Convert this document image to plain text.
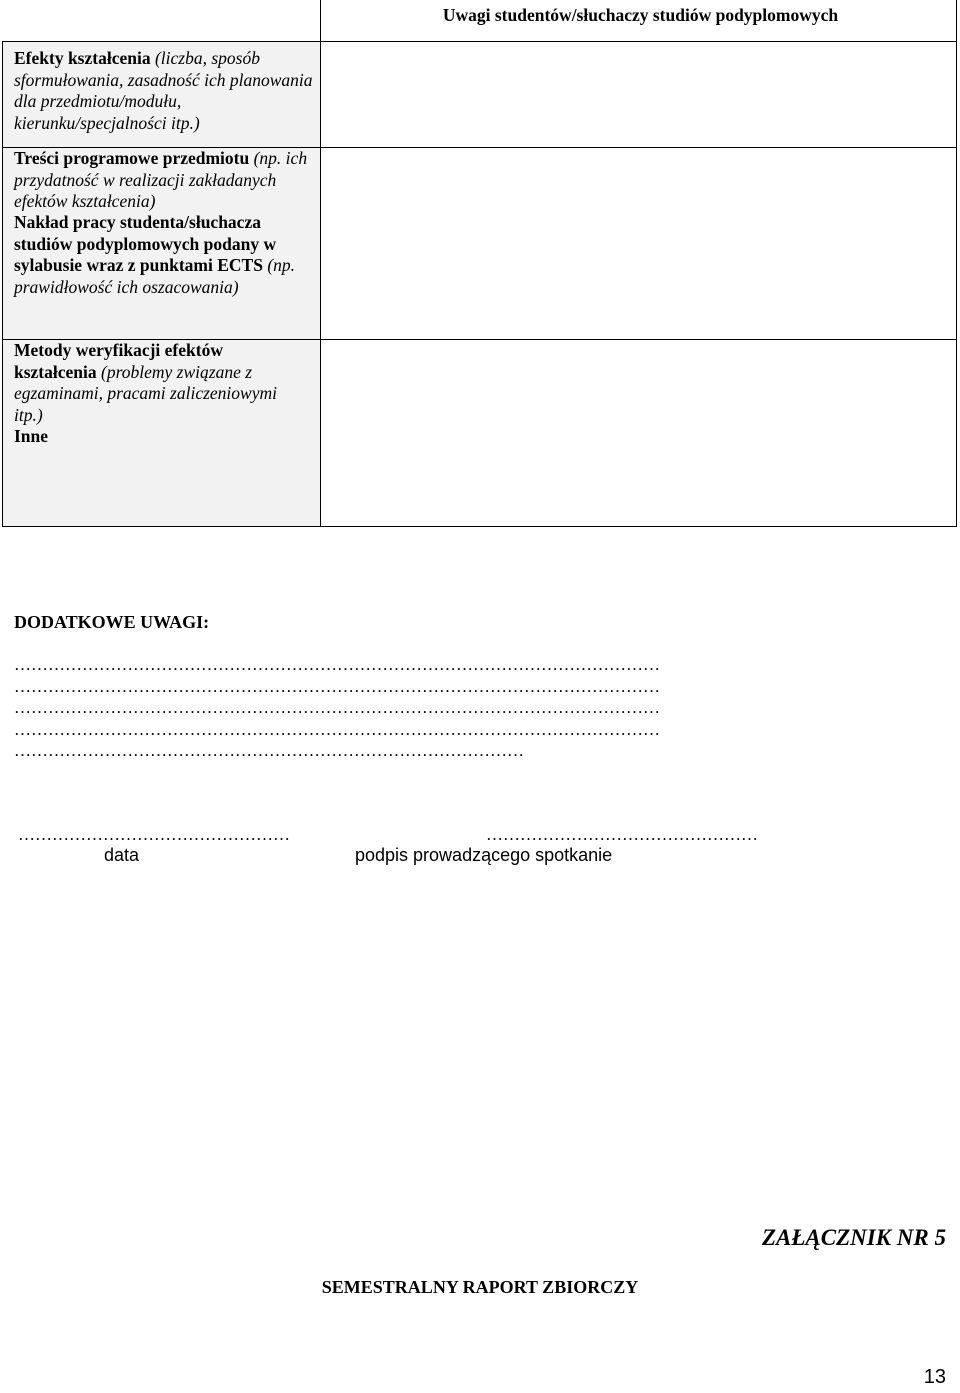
Uwagi studentów/słuchaczy studiów podyplomowych
Efekty kształcenia (liczba, sposób sformułowania, zasadność ich planowania dla przedmiotu/modułu, kierunku/specjalności itp.)
Treści programowe przedmiotu (np. ich przydatność w realizacji zakładanych efektów kształcenia)
Nakład pracy studenta/słuchacza studiów podyplomowych podany w sylabusie wraz z punktami ECTS (np. prawidłowość ich oszacowania)
Metody weryfikacji efektów kształcenia (problemy związane z egzaminami, pracami zaliczeniowymi itp.)
Inne
DODATKOWE UWAGI:
……………………………………………………………………………………………………
……………………………………………………………………………………………………
……………………………………………………………………………………………………
……………………………………………………………………………………………………
………………………………………………………………………………
…………………………………………	…………………………………………
data	podpis prowadzącego spotkanie
ZAŁĄCZNIK NR 5
SEMESTRALNY RAPORT ZBIORCZY
13
